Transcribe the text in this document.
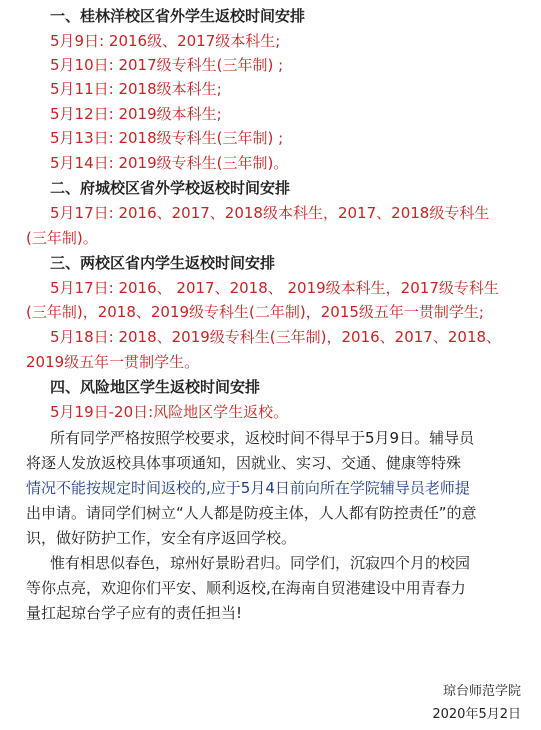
一、桂林洋校区省外学生返校时间安排
5月9日: 2016级、2017级本科生;
5月10日: 2017级专科生(三年制) ;
5月11日: 2018级本科生;
5月12日: 2019级本科生;
5月13日: 2018级专科生(三年制) ;
5月14日: 2019级专科生(三年制)。
二、府城校区省外学校返校时间安排
5月17日: 2016、2017、2018级本科生，2017、2018级专科生
(三年制)。
三、两校区省内学生返校时间安排
5月17日: 2016、 2017、2018、 2019级本科生，2017级专科生
(三年制)，2018、2019级专科生(二年制)，2015级五年一贯制学生;
5月18日: 2018、2019级专科生(三年制)，2016、2017、2018、
2019级五年一贯制学生。
四、风险地区学生返校时间安排
5月19日-20日:风险地区学生返校。
所有同学严格按照学校要求，返校时间不得早于5月9日。辅导员
将逐人发放返校具体事项通知，因就业、实习、交通、健康等特殊
情况不能按规定时间返校的,应于5月4日前向所在学院辅导员老师提
出申请。请同学们树立“人人都是防疫主体，人人都有防控责任”的意
识，做好防护工作，安全有序返回学校。
惟有相思似春色，琼州好景盼君归。同学们，沉寂四个月的校园
等你点亮，欢迎你们平安、顺利返校,在海南自贸港建设中用青春力
量扛起琼台学子应有的责任担当!
琼台师范学院
2020年5月2日
